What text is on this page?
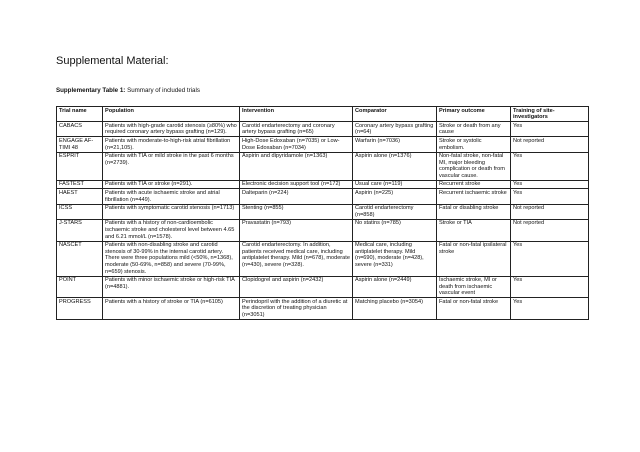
Supplemental Material:
Supplementary Table 1: Summary of included trials
Trial name	Population	Intervention	Comparator	Primary outcome	Training of site-investigators
CABACS	Patients with high-grade carotid stenosis (≥80%) who required coronary artery bypass grafting (n=129).	Carotid endarterectomy and coronary artery bypass grafting (n=65)	Coronary artery bypass grafting (n=64)	Stroke or death from any cause	Yes
ENGAGE AF-TIMI 48	Patients with moderate-to-high-risk atrial fibrillation (n=21,105).	High-Dose Edoxaban (n=7035) or Low-Dose Edoxaban (n=7034)	Warfarin (n=7036)	Stroke or systolic embolism.	Not reported
ESPRIT	Patients with TIA or mild stroke in the past 6 months (n=2739).	Aspirin and dipyridamole (n=1363)	Aspirin alone (n=1376)	Non-fatal stroke, non-fatal MI, major bleeding complication or death from vascular cause.	Yes
FASTEST	Patients with TIA or stroke (n=291).	Electronic decision support tool (n=172)	Usual care (n=119)	Recurrent stroke	Yes
HAEST	Patients with acute ischaemic stroke and atrial fibrillation (n=449).	Dalteparin (n=224)	Aspirin (n=225)	Recurrent ischaemic stroke	Yes
ICSS	Patients with symptomatic carotid stenosis (n=1713)	Stenting (n=855)	Carotid endarterectomy (n=858)	Fatal or disabling stroke	Not reported
J-STARS	Patients with a history of non-cardioembolic ischaemic stroke and cholesterol level between 4.65 and 6.21 mmol/L (n=1578).	Pravastatin (n=793)	No statins (n=785)	Stroke or TIA	Not reported
NASCET	Patients with non-disabling stroke and carotid stenosis of 30-99% in the internal carotid artery. There were three populations mild (<50%, n=1368), moderate (50-69%, n=858) and severe (70-99%, n=659) stenosis.	Carotid endarterectomy. In addition, patients received medical care, including antiplatelet therapy. Mild (n=678), moderate (n=430), severe (n=328).	Medical care, including antiplatelet therapy. Mild (n=690), moderate (n=428), severe (n=331)	Fatal or non-fatal ipsilateral stroke	Yes
POINT	Patients with minor ischaemic stroke or high-risk TIA (n=4881).	Clopidogrel and aspirin (n=2432)	Aspirin alone (n=2449)	Ischaemic stroke, MI or death from ischaemic vascular event	Yes
PROGRESS	Patients with a history of stroke or TIA (n=6105)	Perindopril with the addition of a diuretic at the discretion of treating physician (n=3051)	Matching placebo (n=3054)	Fatal or non-fatal stroke	Yes
